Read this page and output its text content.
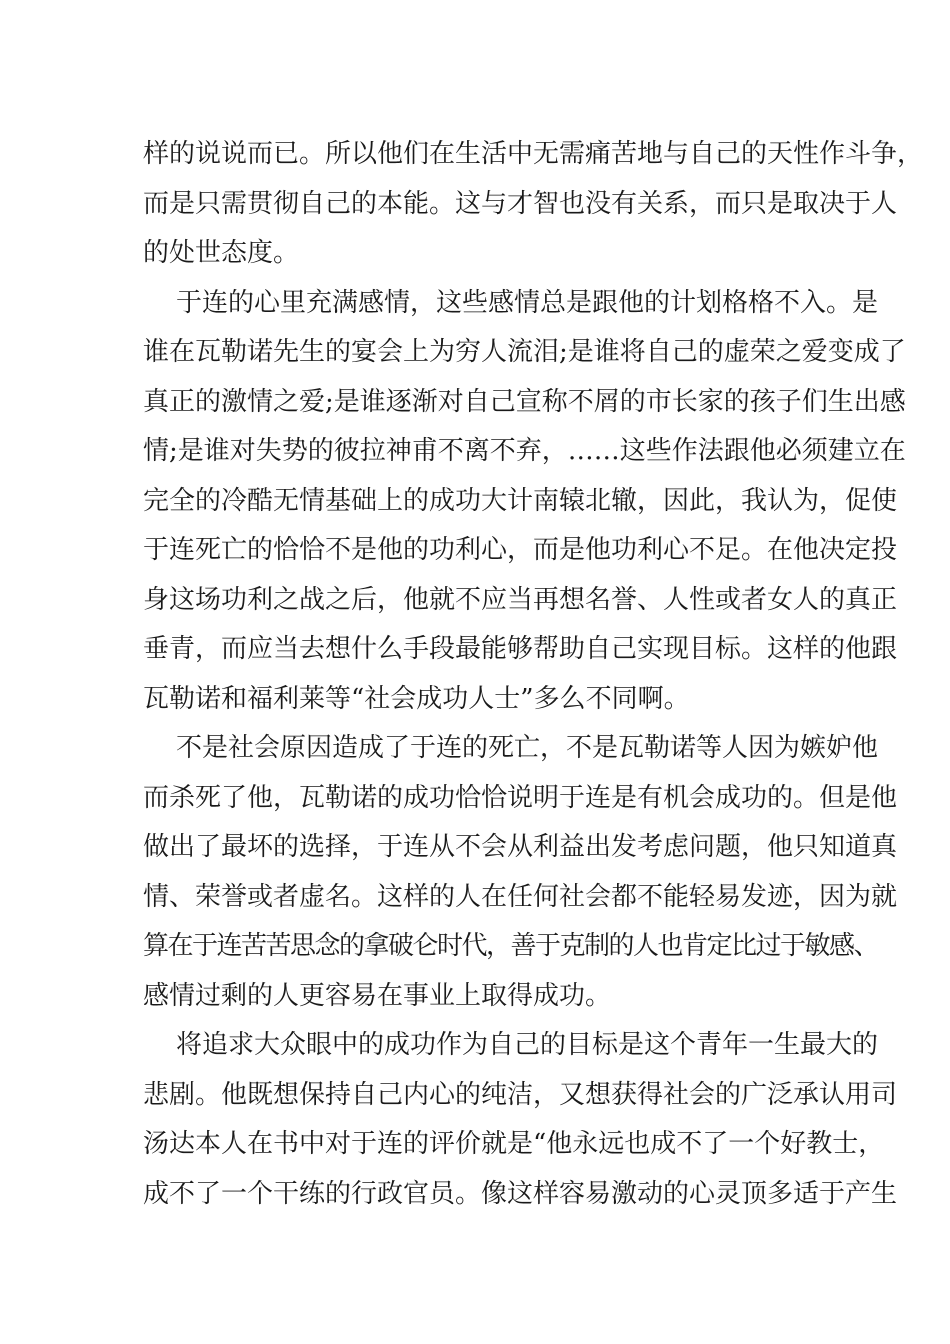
样的说说而已。所以他们在生活中无需痛苦地与自己的天性作斗争，
而是只需贯彻自己的本能。这与才智也没有关系，而只是取决于人
的处世态度。
于连的心里充满感情，这些感情总是跟他的计划格格不入。是
谁在瓦勒诺先生的宴会上为穷人流泪;是谁将自己的虚荣之爱变成了
真正的激情之爱;是谁逐渐对自己宣称不屑的市长家的孩子们生出感
情;是谁对失势的彼拉神甫不离不弃，……这些作法跟他必须建立在
完全的冷酷无情基础上的成功大计南辕北辙，因此，我认为，促使
于连死亡的恰恰不是他的功利心，而是他功利心不足。在他决定投
身这场功利之战之后，他就不应当再想名誉、人性或者女人的真正
垂青，而应当去想什么手段最能够帮助自己实现目标。这样的他跟
瓦勒诺和福利莱等“社会成功人士”多么不同啊。
不是社会原因造成了于连的死亡，不是瓦勒诺等人因为嫉妒他
而杀死了他，瓦勒诺的成功恰恰说明于连是有机会成功的。但是他
做出了最坏的选择，于连从不会从利益出发考虑问题，他只知道真
情、荣誉或者虚名。这样的人在任何社会都不能轻易发迹，因为就
算在于连苦苦思念的拿破仑时代，善于克制的人也肯定比过于敏感、
感情过剩的人更容易在事业上取得成功。
将追求大众眼中的成功作为自己的目标是这个青年一生最大的
悲剧。他既想保持自己内心的纯洁，又想获得社会的广泛承认用司
汤达本人在书中对于连的评价就是“他永远也成不了一个好教士，
成不了一个干练的行政官员。像这样容易激动的心灵顶多适于产生
